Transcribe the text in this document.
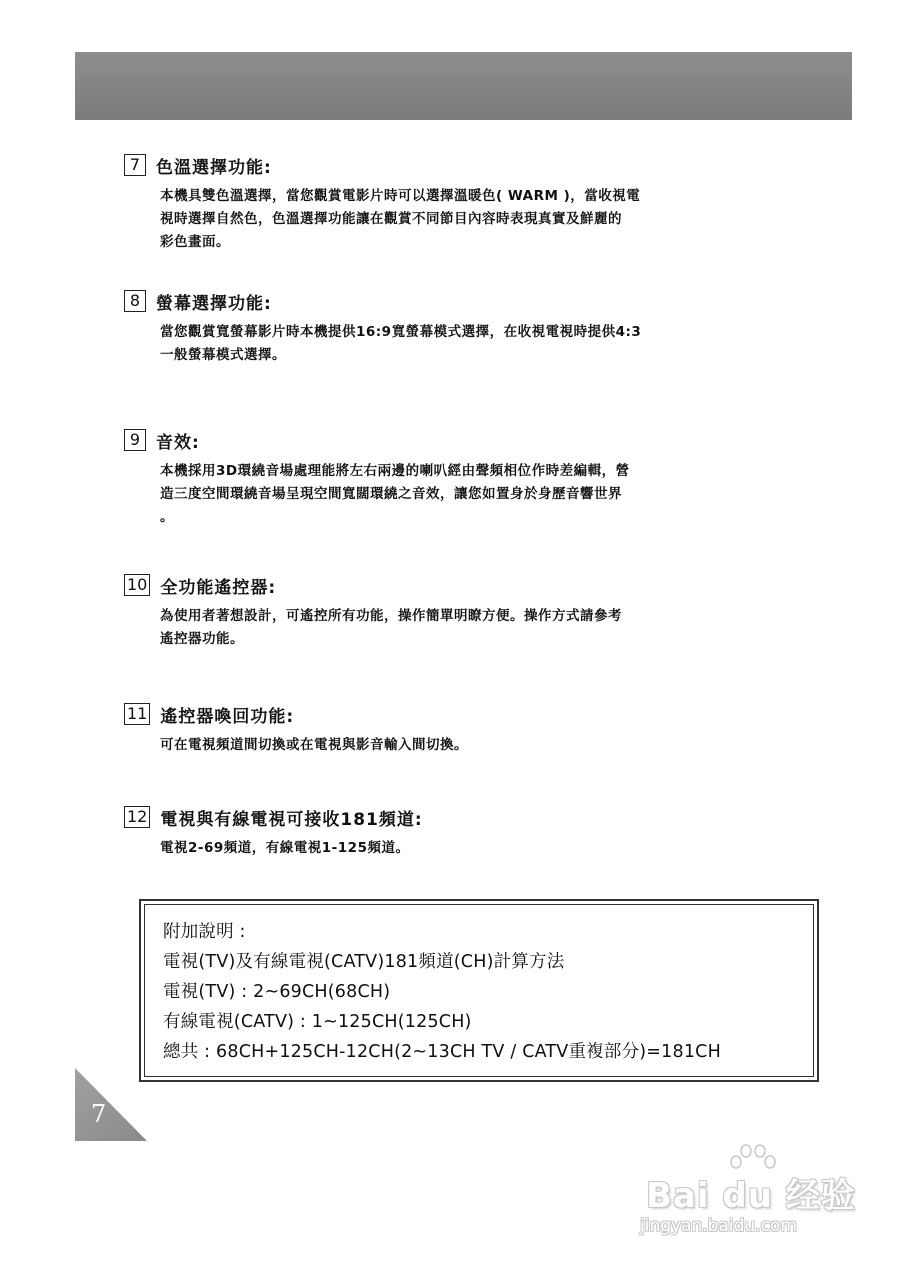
7 色溫選擇功能:
本機具雙色溫選擇，當您觀賞電影片時可以選擇溫暖色( WARM )，當收視電
視時選擇自然色，色溫選擇功能讓在觀賞不同節目內容時表現真實及鮮麗的
彩色畫面。
8 螢幕選擇功能:
當您觀賞寬螢幕影片時本機提供16:9寬螢幕模式選擇，在收視電視時提供4:3
一般螢幕模式選擇。
9 音效:
本機採用3D環繞音場處理能將左右兩邊的喇叭經由聲頻相位作時差編輯，營
造三度空間環繞音場呈現空間寬闊環繞之音效，讓您如置身於身歷音響世界
。
10 全功能遙控器:
為使用者著想設計，可遙控所有功能，操作簡單明瞭方便。操作方式請參考
遙控器功能。
11 遙控器喚回功能:
可在電視頻道間切換或在電視與影音輸入間切換。
12 電視與有線電視可接收181頻道:
電視2-69頻道，有線電視1-125頻道。
附加說明 :
電視(TV)及有線電視(CATV)181頻道(CH)計算方法
電視(TV) : 2~69CH(68CH)
有線電視(CATV) : 1~125CH(125CH)
總共 : 68CH+125CH-12CH(2~13CH TV / CATV重複部分)=181CH
7
Bai du 经验
jingyan.baidu.com
